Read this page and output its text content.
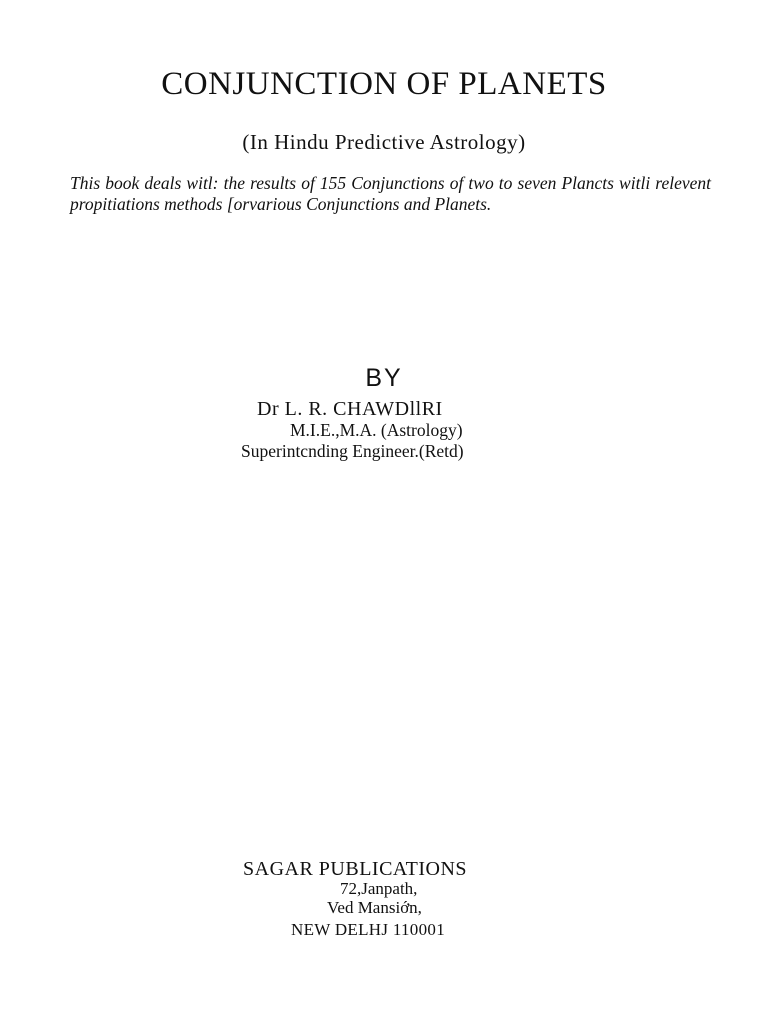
CONJUNCTION OF PLANETS
(In Hindu Predictive Astrology)

This book deals witl: the results of 155 Conjunctions of two to seven Plancts witli relevent propitiations methods [orvarious Conjunctions and Planets.

BY
Dr L. R. CHAWDllRI
M.I.E.,M.A. (Astrology)
Superintcnding Engineer.(Retd)
SAGAR PUBLICATIONS
72,Janpath,
Ved Mansiớn,
NEW DELHJ 110001
